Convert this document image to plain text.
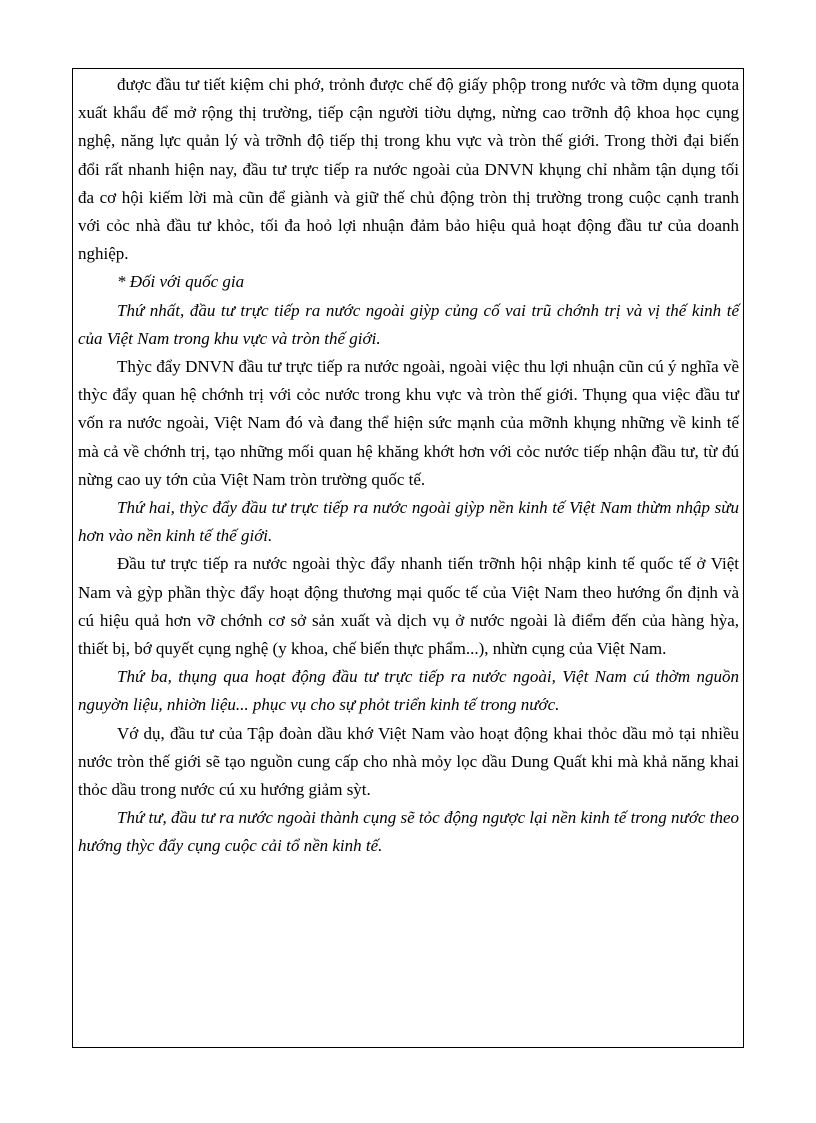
được đầu tư tiết kiệm chi phớ, trỏnh được chế độ giấy phộp trong nước và tỡm dụng quota xuất khẩu để mở rộng thị trường, tiếp cận người tiờu dựng, nừng cao trỡnh độ khoa học cụng nghệ, năng lực quản lý và trỡnh độ tiếp thị trong khu vực và tròn thế giới. Trong thời đại biến đổi rất nhanh hiện nay, đầu tư trực tiếp ra nước ngoài của DNVN khụng chỉ nhằm tận dụng tối đa cơ hội kiếm lời mà cũn để giành và giữ thế chủ động tròn thị trường trong cuộc cạnh tranh với cỏc nhà đầu tư khỏc, tối đa hoỏ lợi nhuận đảm bảo hiệu quả hoạt động đầu tư của doanh nghiệp.

* Đối với quốc gia

Thứ nhất, đầu tư trực tiếp ra nước ngoài giỳp củng cố vai trũ chớnh trị và vị thế kinh tế của Việt Nam trong khu vực và tròn thế giới.

Thỳc đẩy DNVN đầu tư trực tiếp ra nước ngoài, ngoài việc thu lợi nhuận cũn cú ý nghĩa về thỳc đẩy quan hệ chớnh trị với cỏc nước trong khu vực và tròn thế giới. Thụng qua việc đầu tư vốn ra nước ngoài, Việt Nam đó và đang thể hiện sức mạnh của mỡnh khụng những về kinh tế mà cả về chớnh trị, tạo những mối quan hệ khăng khớt hơn với cỏc nước tiếp nhận đầu tư, từ đú nừng cao uy tớn của Việt Nam tròn trường quốc tế.

Thứ hai, thỳc đẩy đầu tư trực tiếp ra nước ngoài giỳp nền kinh tế Việt Nam thừm nhập sừu hơn vào nền kinh tế thế giới.

Đầu tư trực tiếp ra nước ngoài thỳc đẩy nhanh tiến trỡnh hội nhập kinh tế quốc tế ở Việt Nam và gỳp phần thỳc đẩy hoạt động thương mại quốc tế của Việt Nam theo hướng ổn định và cú hiệu quả hơn vỡ chớnh cơ sở sản xuất và dịch vụ ở nước ngoài là điểm đến của hàng hỳa, thiết bị, bớ quyết cụng nghệ (y khoa, chế biến thực phẩm...), nhừn cụng của Việt Nam.

Thứ ba, thụng qua hoạt động đầu tư trực tiếp ra nước ngoài, Việt Nam cú thờm nguồn nguyờn liệu, nhiờn liệu... phục vụ cho sự phỏt triển kinh tế trong nước.

Vớ dụ, đầu tư của Tập đoàn dầu khớ Việt Nam vào hoạt động khai thỏc dầu mỏ tại nhiều nước tròn thế giới sẽ tạo nguồn cung cấp cho nhà mỏy lọc dầu Dung Quất khi mà khả năng khai thỏc dầu trong nước cú xu hướng giảm sỳt.

Thứ tư, đầu tư ra nước ngoài thành cụng sẽ tỏc động ngược lại nền kinh tế trong nước theo hướng thỳc đẩy cụng cuộc cải tổ nền kinh tế.
